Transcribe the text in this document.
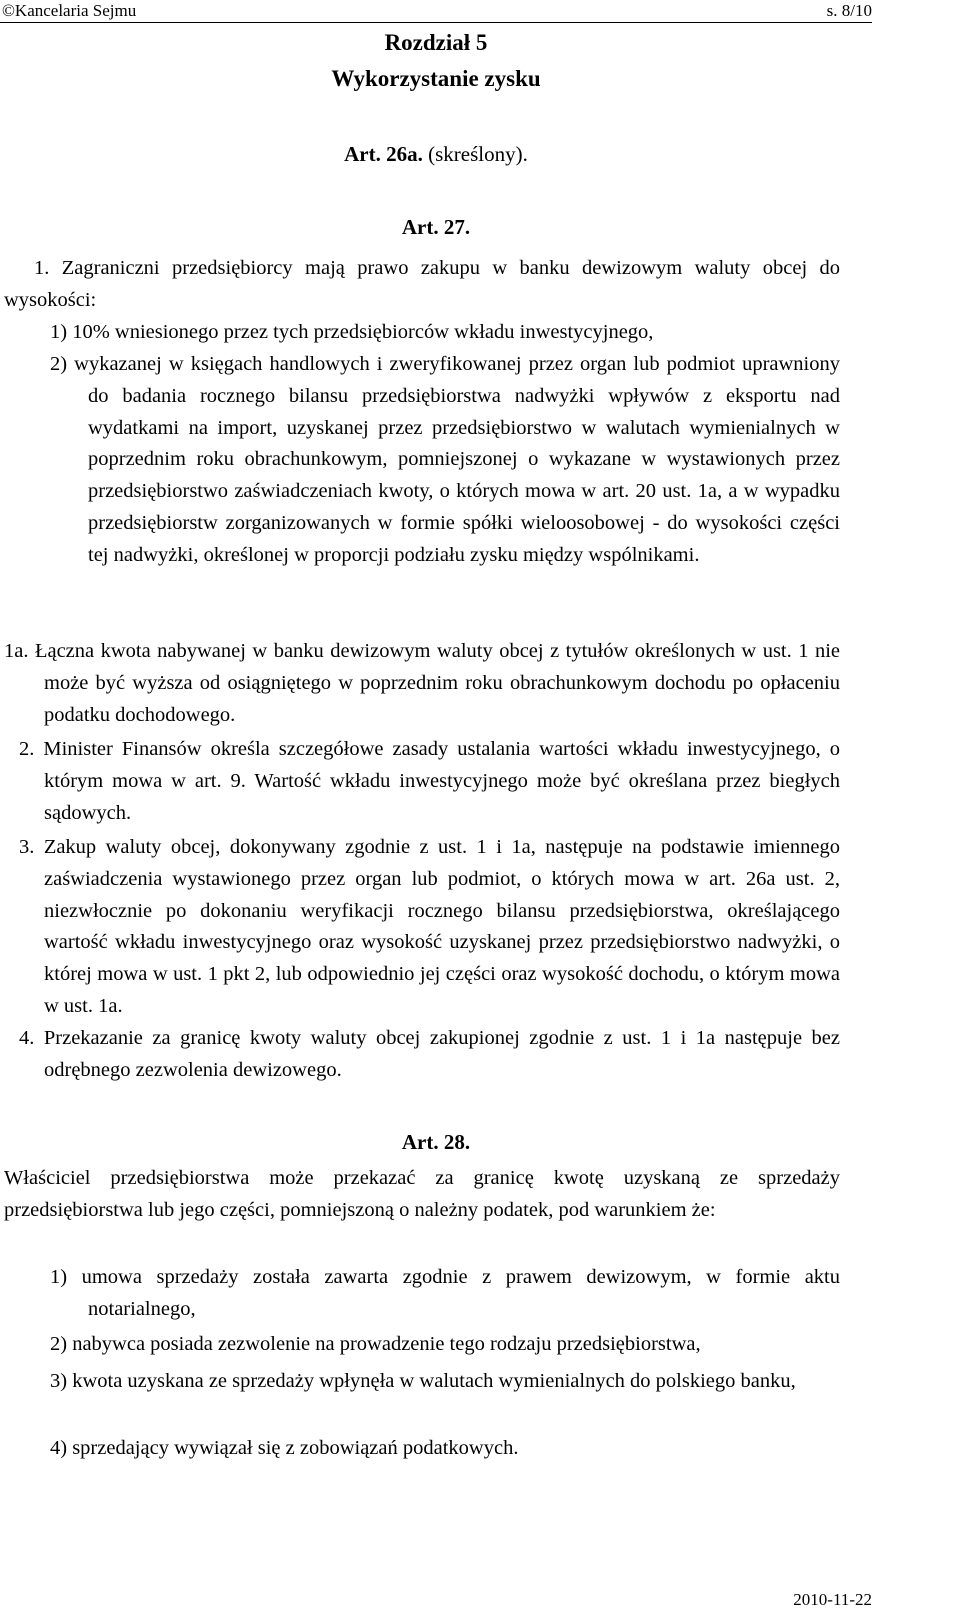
©Kancelaria Sejmu	s. 8/10
Rozdział 5
Wykorzystanie zysku
Art. 26a. (skreślony).
Art. 27.

1. Zagraniczni przedsiębiorcy mają prawo zakupu w banku dewizowym waluty obcej do wysokości:

1) 10% wniesionego przez tych przedsiębiorców wkładu inwestycyjnego,

2) wykazanej w księgach handlowych i zweryfikowanej przez organ lub podmiot uprawniony do badania rocznego bilansu przedsiębiorstwa nadwyżki wpływów z eksportu nad wydatkami na import, uzyskanej przez przedsiębiorstwo w walutach wymienialnych w poprzednim roku obrachunkowym, pomniejszonej o wykazane w wystawionych przez przedsiębiorstwo zaświadczeniach kwoty, o których mowa w art. 20 ust. 1a, a w wypadku przedsiębiorstw zorganizowanych w formie spółki wieloosobowej - do wysokości części tej nadwyżki, określonej w proporcji podziału zysku między wspólnikami.

1a. Łączna kwota nabywanej w banku dewizowym waluty obcej z tytułów określonych w ust. 1 nie może być wyższa od osiągniętego w poprzednim roku obrachunkowym dochodu po opłaceniu podatku dochodowego.

2. Minister Finansów określa szczegółowe zasady ustalania wartości wkładu inwestycyjnego, o którym mowa w art. 9. Wartość wkładu inwestycyjnego może być określana przez biegłych sądowych.

3. Zakup waluty obcej, dokonywany zgodnie z ust. 1 i 1a, następuje na podstawie imiennego zaświadczenia wystawionego przez organ lub podmiot, o których mowa w art. 26a ust. 2, niezwłocznie po dokonaniu weryfikacji rocznego bilansu przedsiębiorstwa, określającego wartość wkładu inwestycyjnego oraz wysokość uzyskanej przez przedsiębiorstwo nadwyżki, o której mowa w ust. 1 pkt 2, lub odpowiednio jej części oraz wysokość dochodu, o którym mowa w ust. 1a.

4. Przekazanie za granicę kwoty waluty obcej zakupionej zgodnie z ust. 1 i 1a następuje bez odrębnego zezwolenia dewizowego.

Art. 28.

Właściciel przedsiębiorstwa może przekazać za granicę kwotę uzyskaną ze sprzedaży przedsiębiorstwa lub jego części, pomniejszoną o należny podatek, pod warunkiem że:

1) umowa sprzedaży została zawarta zgodnie z prawem dewizowym, w formie aktu notarialnego,

2) nabywca posiada zezwolenie na prowadzenie tego rodzaju przedsiębiorstwa,

3) kwota uzyskana ze sprzedaży wpłynęła w walutach wymienialnych do polskiego banku,

4) sprzedający wywiązał się z zobowiązań podatkowych.

2010-11-22
